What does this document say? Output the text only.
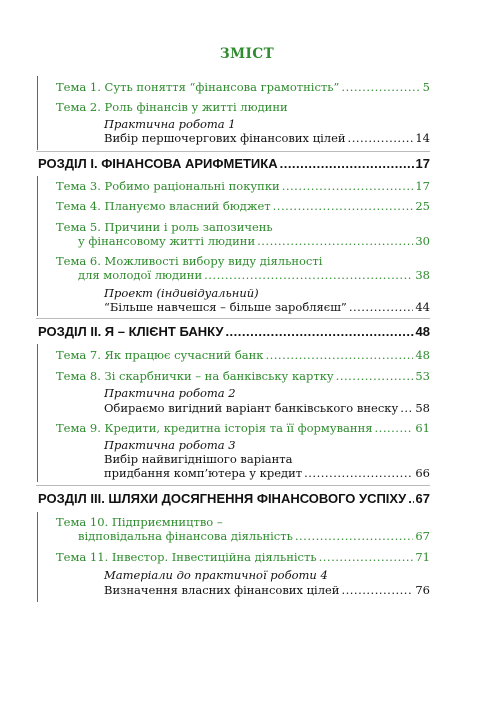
ЗМІСТ
Тема 1. Суть поняття “фінансова грамотність” .....	5
Тема 2. Роль фінансів у житті людини
Практична робота 1
Вибір першочергових фінансових цілей .....	14
РОЗДІЛ І. ФІНАНСОВА АРИФМЕТИКА .....	17
Тема 3. Робимо раціональні покупки .....	17
Тема 4. Плануємо власний бюджет .....	25
Тема 5. Причини і роль запозичень
у фінансовому житті людини .....	30
Тема 6. Можливості вибору виду діяльності
для молодої людини .....	38
Проект (індивідуальний)
“Більше навчешся – більше заробляєш” .....	44
РОЗДІЛ ІІ. Я – КЛІЄНТ БАНКУ .....	48
Тема 7. Як працює сучасний банк .....	48
Тема 8. Зі скарбнички – на банківську картку .....	53
Практична робота 2
Обираємо вигідний варіант банківського внеску ..... 58
Тема 9. Кредити, кредитна історія та її формування .....	61
Практична робота 3
Вибір найвигіднішого варіанта
придбання комп’ютера у кредит .....	66
РОЗДІЛ ІІІ. ШЛЯХИ ДОСЯГНЕННЯ ФІНАНСОВОГО УСПІХУ ..... 67
Тема 10. Підприємництво –
відповідальна фінансова діяльність .....	67
Тема 11. Інвестор. Інвестиційна діяльність .....	71
Матеріали до практичної роботи 4
Визначення власних фінансових цілей .....	76
